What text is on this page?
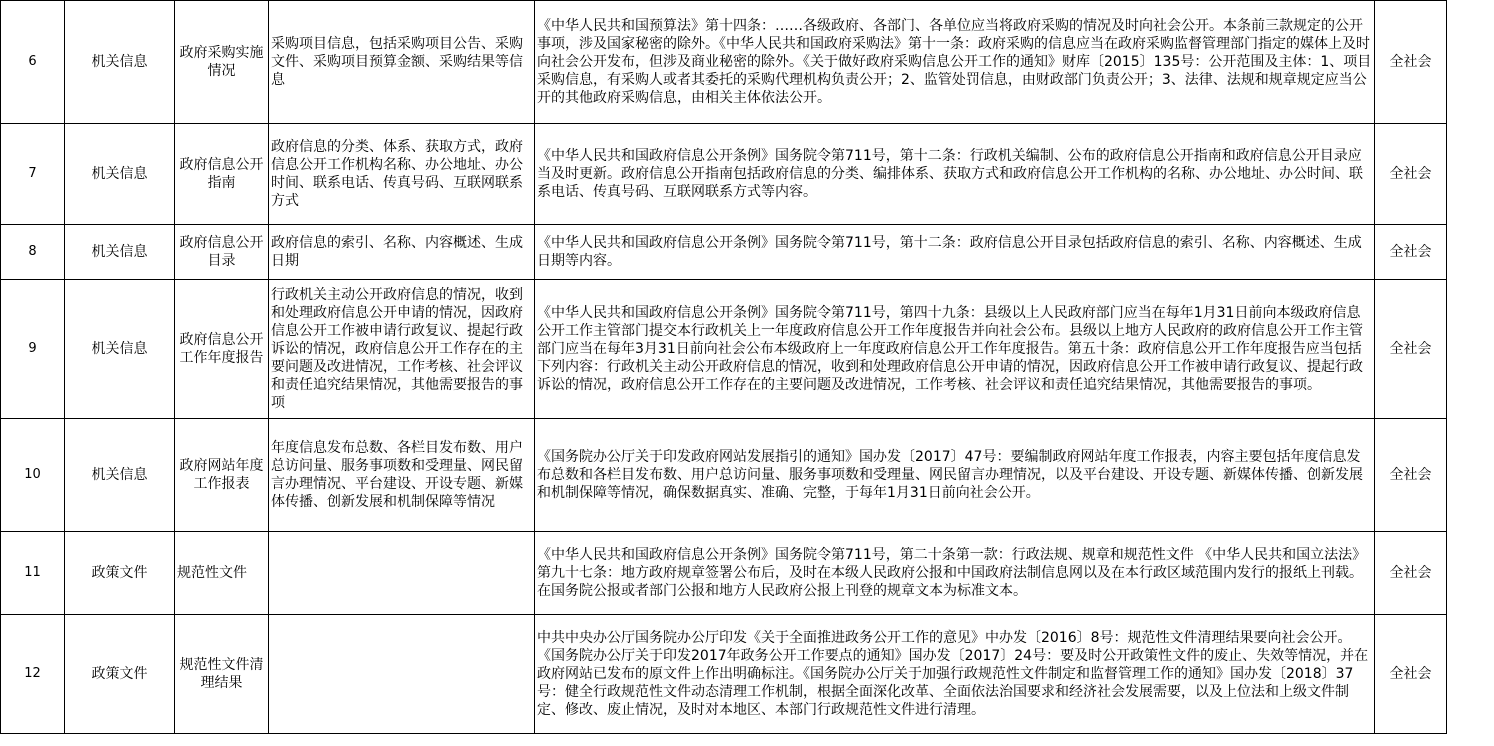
6	机关信息	政府采购实施情况	采购项目信息，包括采购项目公告、采购文件、采购项目预算金额、采购结果等信息	《中华人民共和国预算法》第十四条：……各级政府、各部门、各单位应当将政府采购的情况及时向社会公开。本条前三款规定的公开事项，涉及国家秘密的除外。《中华人民共和国政府采购法》第十一条：政府采购的信息应当在政府采购监督管理部门指定的媒体上及时向社会公开发布，但涉及商业秘密的除外。《关于做好政府采购信息公开工作的通知》财库〔2015〕135号：公开范围及主体：1、项目采购信息，有采购人或者其委托的采购代理机构负责公开；2、监管处罚信息，由财政部门负责公开；3、法律、法规和规章规定应当公开的其他政府采购信息，由相关主体依法公开。	全社会
7	机关信息	政府信息公开指南	政府信息的分类、体系、获取方式，政府信息公开工作机构名称、办公地址、办公时间、联系电话、传真号码、互联网联系方式	《中华人民共和国政府信息公开条例》国务院令第711号，第十二条：行政机关编制、公布的政府信息公开指南和政府信息公开目录应当及时更新。政府信息公开指南包括政府信息的分类、编排体系、获取方式和政府信息公开工作机构的名称、办公地址、办公时间、联系电话、传真号码、互联网联系方式等内容。	全社会
8	机关信息	政府信息公开目录	政府信息的索引、名称、内容概述、生成日期	《中华人民共和国政府信息公开条例》国务院令第711号，第十二条：政府信息公开目录包括政府信息的索引、名称、内容概述、生成日期等内容。	全社会
9	机关信息	政府信息公开工作年度报告	行政机关主动公开政府信息的情况，收到和处理政府信息公开申请的情况，因政府信息公开工作被申请行政复议、提起行政诉讼的情况，政府信息公开工作存在的主要问题及改进情况，工作考核、社会评议和责任追究结果情况，其他需要报告的事项	《中华人民共和国政府信息公开条例》国务院令第711号，第四十九条：县级以上人民政府部门应当在每年1月31日前向本级政府信息公开工作主管部门提交本行政机关上一年度政府信息公开工作年度报告并向社会公布。县级以上地方人民政府的政府信息公开工作主管部门应当在每年3月31日前向社会公布本级政府上一年度政府信息公开工作年度报告。第五十条：政府信息公开工作年度报告应当包括下列内容：行政机关主动公开政府信息的情况，收到和处理政府信息公开申请的情况，因政府信息公开工作被申请行政复议、提起行政诉讼的情况，政府信息公开工作存在的主要问题及改进情况，工作考核、社会评议和责任追究结果情况，其他需要报告的事项。	全社会
10	机关信息	政府网站年度工作报表	年度信息发布总数、各栏目发布数、用户总访问量、服务事项数和受理量、网民留言办理情况、平台建设、开设专题、新媒体传播、创新发展和机制保障等情况	《国务院办公厅关于印发政府网站发展指引的通知》国办发〔2017〕47号：要编制政府网站年度工作报表，内容主要包括年度信息发布总数和各栏目发布数、用户总访问量、服务事项数和受理量、网民留言办理情况，以及平台建设、开设专题、新媒体传播、创新发展和机制保障等情况，确保数据真实、准确、完整，于每年1月31日前向社会公开。	全社会
11	政策文件	规范性文件		《中华人民共和国政府信息公开条例》国务院令第711号，第二十条第一款：行政法规、规章和规范性文件 《中华人民共和国立法法》第九十七条：地方政府规章签署公布后，及时在本级人民政府公报和中国政府法制信息网以及在本行政区域范围内发行的报纸上刊载。在国务院公报或者部门公报和地方人民政府公报上刊登的规章文本为标准文本。	全社会
12	政策文件	规范性文件清理结果		中共中央办公厅国务院办公厅印发《关于全面推进政务公开工作的意见》中办发〔2016〕8号：规范性文件清理结果要向社会公开。《国务院办公厅关于印发2017年政务公开工作要点的通知》国办发〔2017〕24号：要及时公开政策性文件的废止、失效等情况，并在政府网站已发布的原文件上作出明确标注。《国务院办公厅关于加强行政规范性文件制定和监督管理工作的通知》国办发〔2018〕37号：健全行政规范性文件动态清理工作机制，根据全面深化改革、全面依法治国要求和经济社会发展需要，以及上位法和上级文件制定、修改、废止情况，及时对本地区、本部门行政规范性文件进行清理。	全社会
